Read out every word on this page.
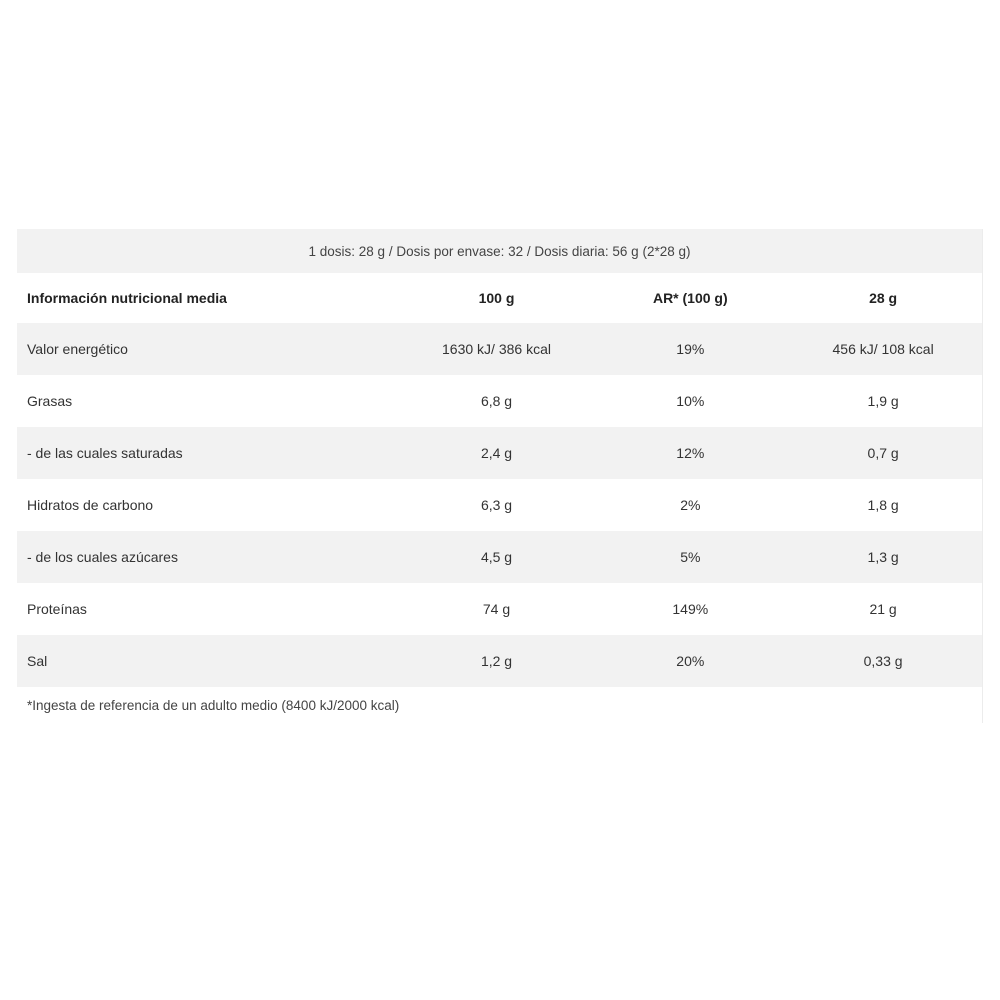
1 dosis: 28 g / Dosis por envase: 32 / Dosis diaria: 56 g (2*28 g)
Información nutricional media	100 g	AR* (100 g)	28 g
Valor energético	1630 kJ/ 386 kcal	19%	456 kJ/ 108 kcal
Grasas	6,8 g	10%	1,9 g
- de las cuales saturadas	2,4 g	12%	0,7 g
Hidratos de carbono	6,3 g	2%	1,8 g
- de los cuales azúcares	4,5 g	5%	1,3 g
Proteínas	74 g	149%	21 g
Sal	1,2 g	20%	0,33 g
*Ingesta de referencia de un adulto medio (8400 kJ/2000 kcal)
